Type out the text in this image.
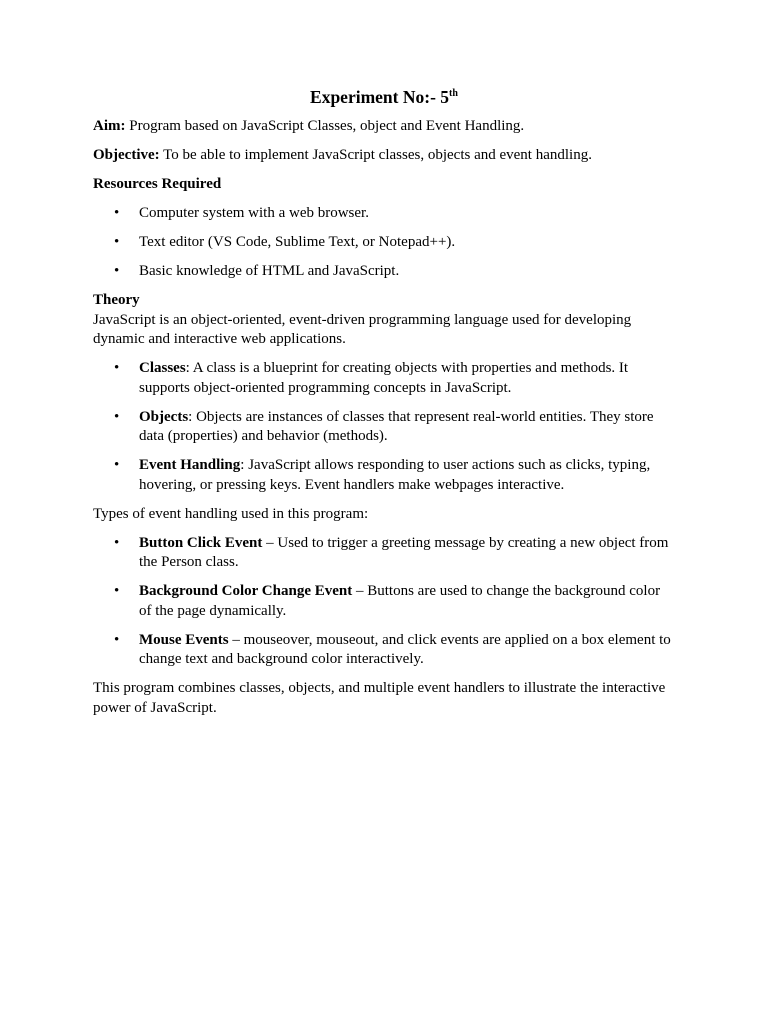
Experiment No:- 5th

Aim: Program based on JavaScript Classes, object and Event Handling.

Objective: To be able to implement JavaScript classes, objects and event handling.

Resources Required
• Computer system with a web browser.
• Text editor (VS Code, Sublime Text, or Notepad++).
• Basic knowledge of HTML and JavaScript.
Theory

JavaScript is an object-oriented, event-driven programming language used for developing dynamic and interactive web applications.

• Classes: A class is a blueprint for creating objects with properties and methods. It supports object-oriented programming concepts in JavaScript.
• Objects: Objects are instances of classes that represent real-world entities. They store data (properties) and behavior (methods).
• Event Handling: JavaScript allows responding to user actions such as clicks, typing, hovering, or pressing keys. Event handlers make webpages interactive.

Types of event handling used in this program:

• Button Click Event – Used to trigger a greeting message by creating a new object from the Person class.
• Background Color Change Event – Buttons are used to change the background color of the page dynamically.
• Mouse Events – mouseover, mouseout, and click events are applied on a box element to change text and background color interactively.

This program combines classes, objects, and multiple event handlers to illustrate the interactive power of JavaScript.
